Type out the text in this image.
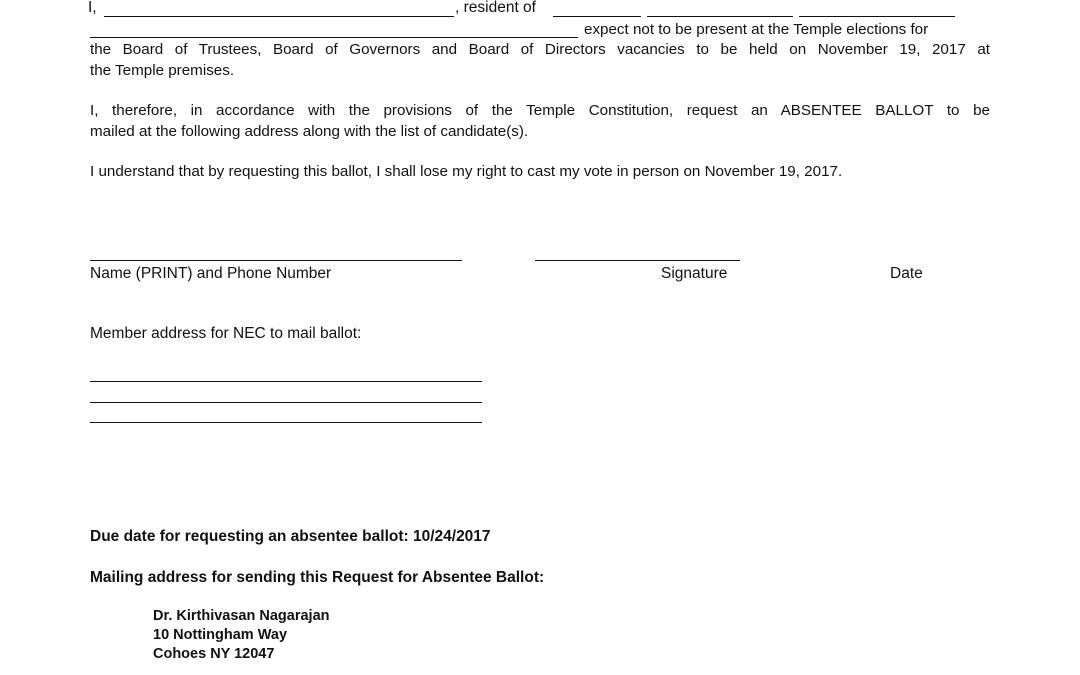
I,	, resident of
expect not to be present at the Temple elections for
the Board of Trustees, Board of Governors and Board of Directors vacancies to be held on November 19, 2017 at
the Temple premises.
I, therefore, in accordance with the provisions of the Temple Constitution, request an ABSENTEE BALLOT to be
mailed at the following address along with the list of candidate(s).
I understand that by requesting this ballot, I shall lose my right to cast my vote in person on November 19, 2017.
Name (PRINT) and Phone Number	Signature	Date
Member address for NEC to mail ballot:
Due date for requesting an absentee ballot: 10/24/2017
Mailing address for sending this Request for Absentee Ballot:
Dr. Kirthivasan Nagarajan
10 Nottingham Way
Cohoes NY 12047
